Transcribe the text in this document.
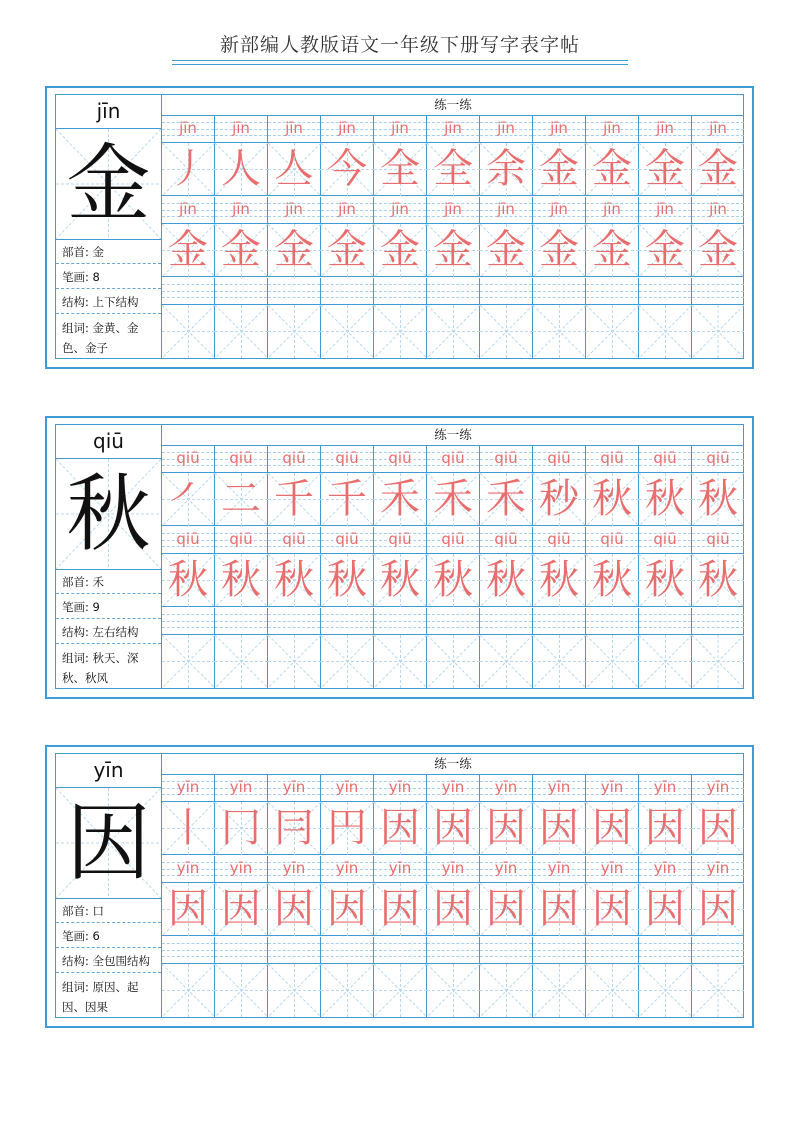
新部编人教版语文一年级下册写字表字帖
jīn
金
部首: 金
笔画: 8
结构: 上下结构
组词: 金黄、金色、金子
练一练
jīn	jīn	jīn	jīn	jīn	jīn	jīn	jīn	jīn	jīn	jīn
丿 人 亼 今 全 全 余 金 金 金 金
jīn	jīn	jīn	jīn	jīn	jīn	jīn	jīn	jīn	jīn	jīn
金 金 金 金 金 金 金 金 金 金 金
qiū
秋
部首: 禾
笔画: 9
结构: 左右结构
组词: 秋天、深秋、秋风
练一练
qiū	qiū	qiū	qiū	qiū	qiū	qiū	qiū	qiū	qiū	qiū
㇒ 二 千 千 禾 禾 禾 秒 秋 秋 秋
qiū	qiū	qiū	qiū	qiū	qiū	qiū	qiū	qiū	qiū	qiū
秋 秋 秋 秋 秋 秋 秋 秋 秋 秋 秋
yīn
因
部首: 口
笔画: 6
结构: 全包围结构
组词: 原因、起因、因果
练一练
yīn	yīn	yīn	yīn	yīn	yīn	yīn	yīn	yīn	yīn	yīn
丨 冂 冃 円 因 因 因 因 因 因 因
yīn	yīn	yīn	yīn	yīn	yīn	yīn	yīn	yīn	yīn	yīn
因 因 因 因 因 因 因 因 因 因 因
